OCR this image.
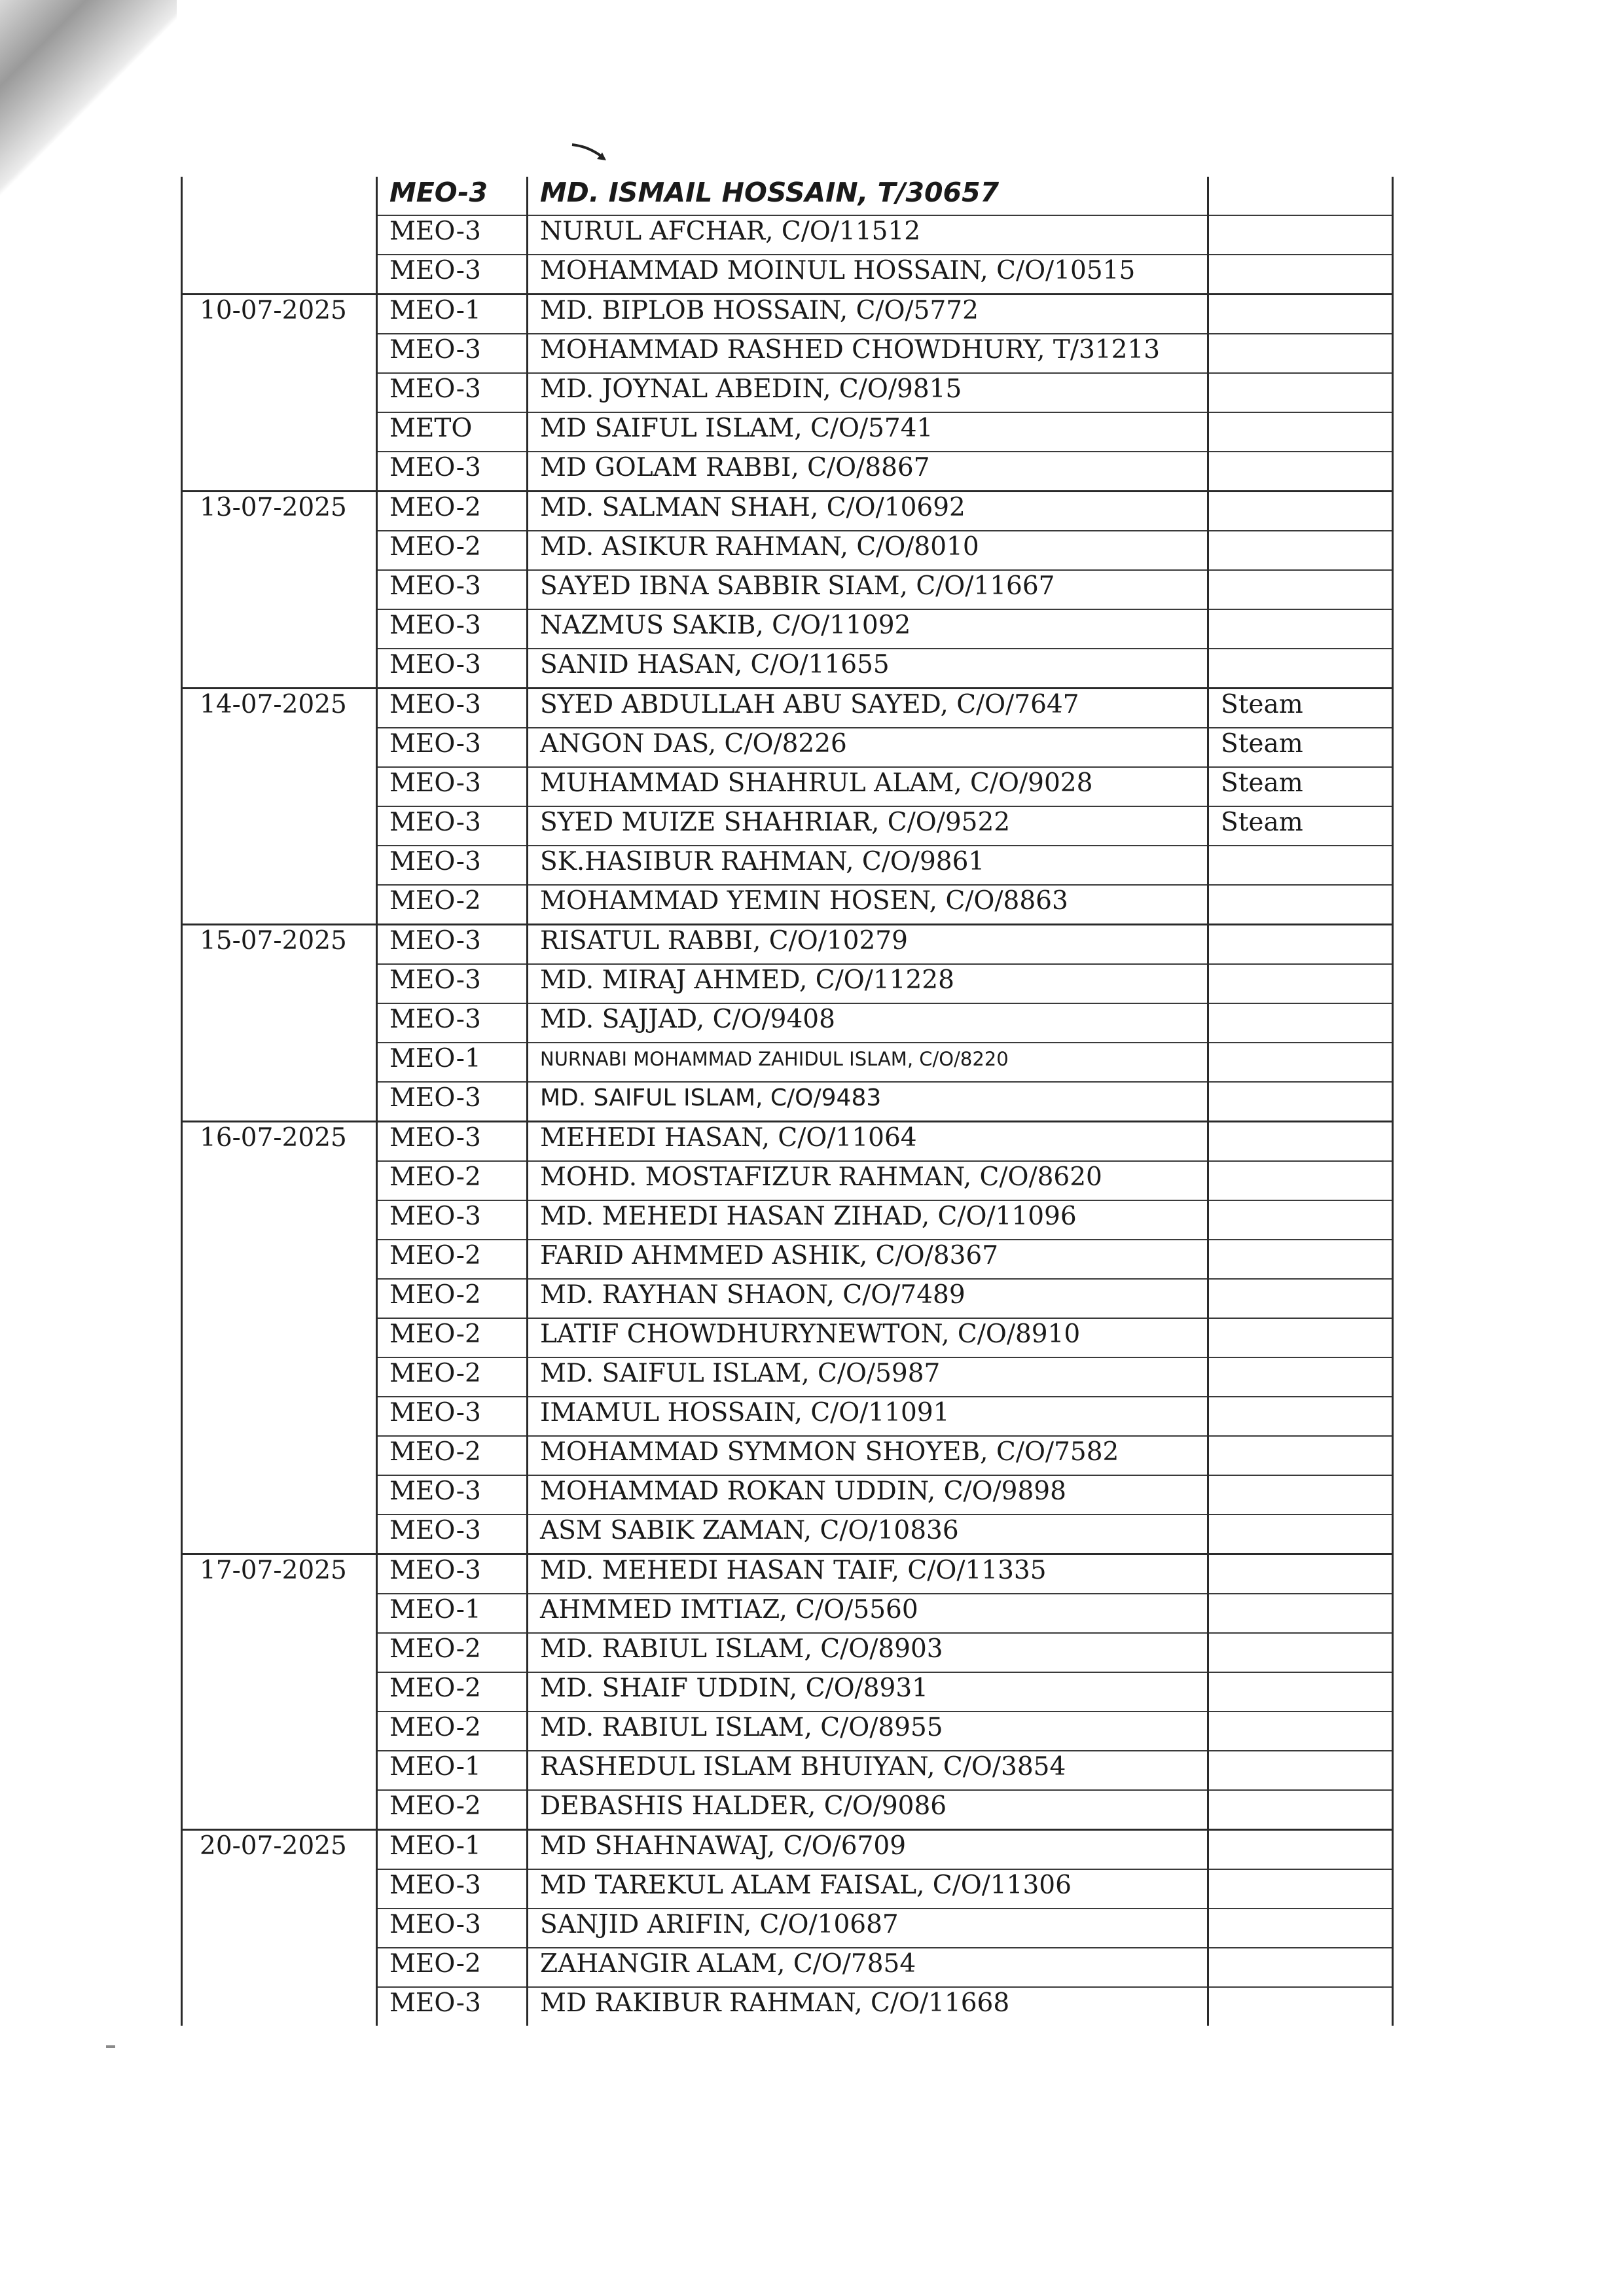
	MEO-3	MD. ISMAIL HOSSAIN, T/30657	
	MEO-3	NURUL AFCHAR, C/O/11512	
	MEO-3	MOHAMMAD MOINUL HOSSAIN, C/O/10515	
10-07-2025	MEO-1	MD. BIPLOB HOSSAIN, C/O/5772	
	MEO-3	MOHAMMAD RASHED CHOWDHURY, T/31213	
	MEO-3	MD. JOYNAL ABEDIN, C/O/9815	
	METO	MD SAIFUL ISLAM, C/O/5741	
	MEO-3	MD GOLAM RABBI, C/O/8867	
13-07-2025	MEO-2	MD. SALMAN SHAH, C/O/10692	
	MEO-2	MD. ASIKUR RAHMAN, C/O/8010	
	MEO-3	SAYED IBNA SABBIR SIAM, C/O/11667	
	MEO-3	NAZMUS SAKIB, C/O/11092	
	MEO-3	SANID HASAN, C/O/11655	
14-07-2025	MEO-3	SYED ABDULLAH ABU SAYED, C/O/7647	Steam
	MEO-3	ANGON DAS, C/O/8226	Steam
	MEO-3	MUHAMMAD SHAHRUL ALAM, C/O/9028	Steam
	MEO-3	SYED MUIZE SHAHRIAR, C/O/9522	Steam
	MEO-3	SK.HASIBUR RAHMAN, C/O/9861	
	MEO-2	MOHAMMAD YEMIN HOSEN, C/O/8863	
15-07-2025	MEO-3	RISATUL RABBI, C/O/10279	
	MEO-3	MD. MIRAJ AHMED, C/O/11228	
	MEO-3	MD. SAJJAD, C/O/9408	
	MEO-1	NURNABI MOHAMMAD ZAHIDUL ISLAM, C/O/8220	
	MEO-3	MD. SAIFUL ISLAM, C/O/9483	
16-07-2025	MEO-3	MEHEDI HASAN, C/O/11064	
	MEO-2	MOHD. MOSTAFIZUR RAHMAN, C/O/8620	
	MEO-3	MD. MEHEDI HASAN ZIHAD, C/O/11096	
	MEO-2	FARID AHMMED ASHIK, C/O/8367	
	MEO-2	MD. RAYHAN SHAON, C/O/7489	
	MEO-2	LATIF CHOWDHURYNEWTON, C/O/8910	
	MEO-2	MD. SAIFUL ISLAM, C/O/5987	
	MEO-3	IMAMUL HOSSAIN, C/O/11091	
	MEO-2	MOHAMMAD SYMMON SHOYEB, C/O/7582	
	MEO-3	MOHAMMAD ROKAN UDDIN, C/O/9898	
	MEO-3	ASM SABIK ZAMAN, C/O/10836	
17-07-2025	MEO-3	MD. MEHEDI HASAN TAIF, C/O/11335	
	MEO-1	AHMMED IMTIAZ, C/O/5560	
	MEO-2	MD. RABIUL ISLAM, C/O/8903	
	MEO-2	MD. SHAIF UDDIN, C/O/8931	
	MEO-2	MD. RABIUL ISLAM, C/O/8955	
	MEO-1	RASHEDUL ISLAM BHUIYAN, C/O/3854	
	MEO-2	DEBASHIS HALDER, C/O/9086	
20-07-2025	MEO-1	MD SHAHNAWAJ, C/O/6709	
	MEO-3	MD TAREKUL ALAM FAISAL, C/O/11306	
	MEO-3	SANJID ARIFIN, C/O/10687	
	MEO-2	ZAHANGIR ALAM, C/O/7854	
	MEO-3	MD RAKIBUR RAHMAN, C/O/11668	
